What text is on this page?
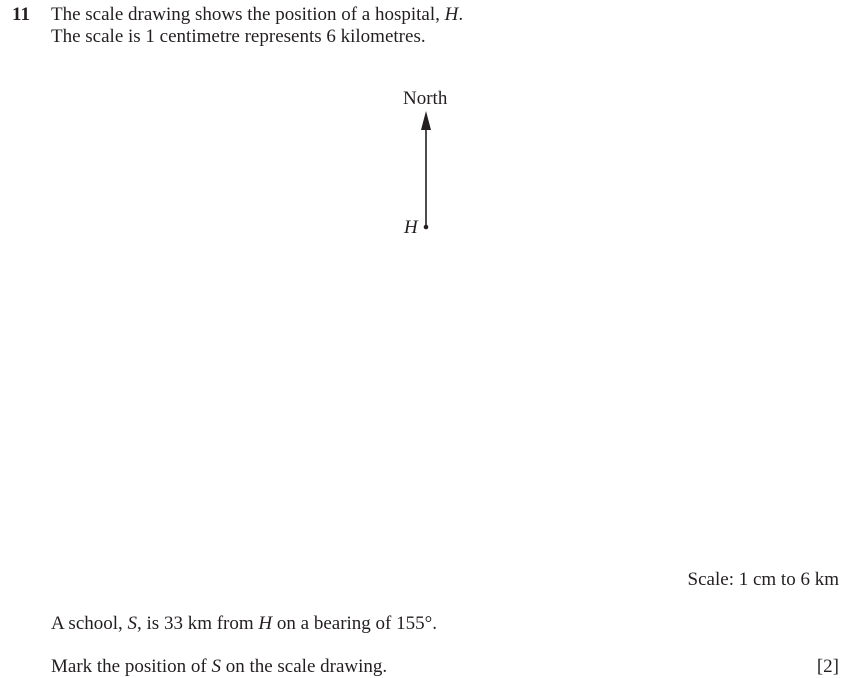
11 The scale drawing shows the position of a hospital, H.
The scale is 1 centimetre represents 6 kilometres.
North
H
Scale: 1 cm to 6 km
A school, S, is 33 km from H on a bearing of 155°.
Mark the position of S on the scale drawing.	[2]
